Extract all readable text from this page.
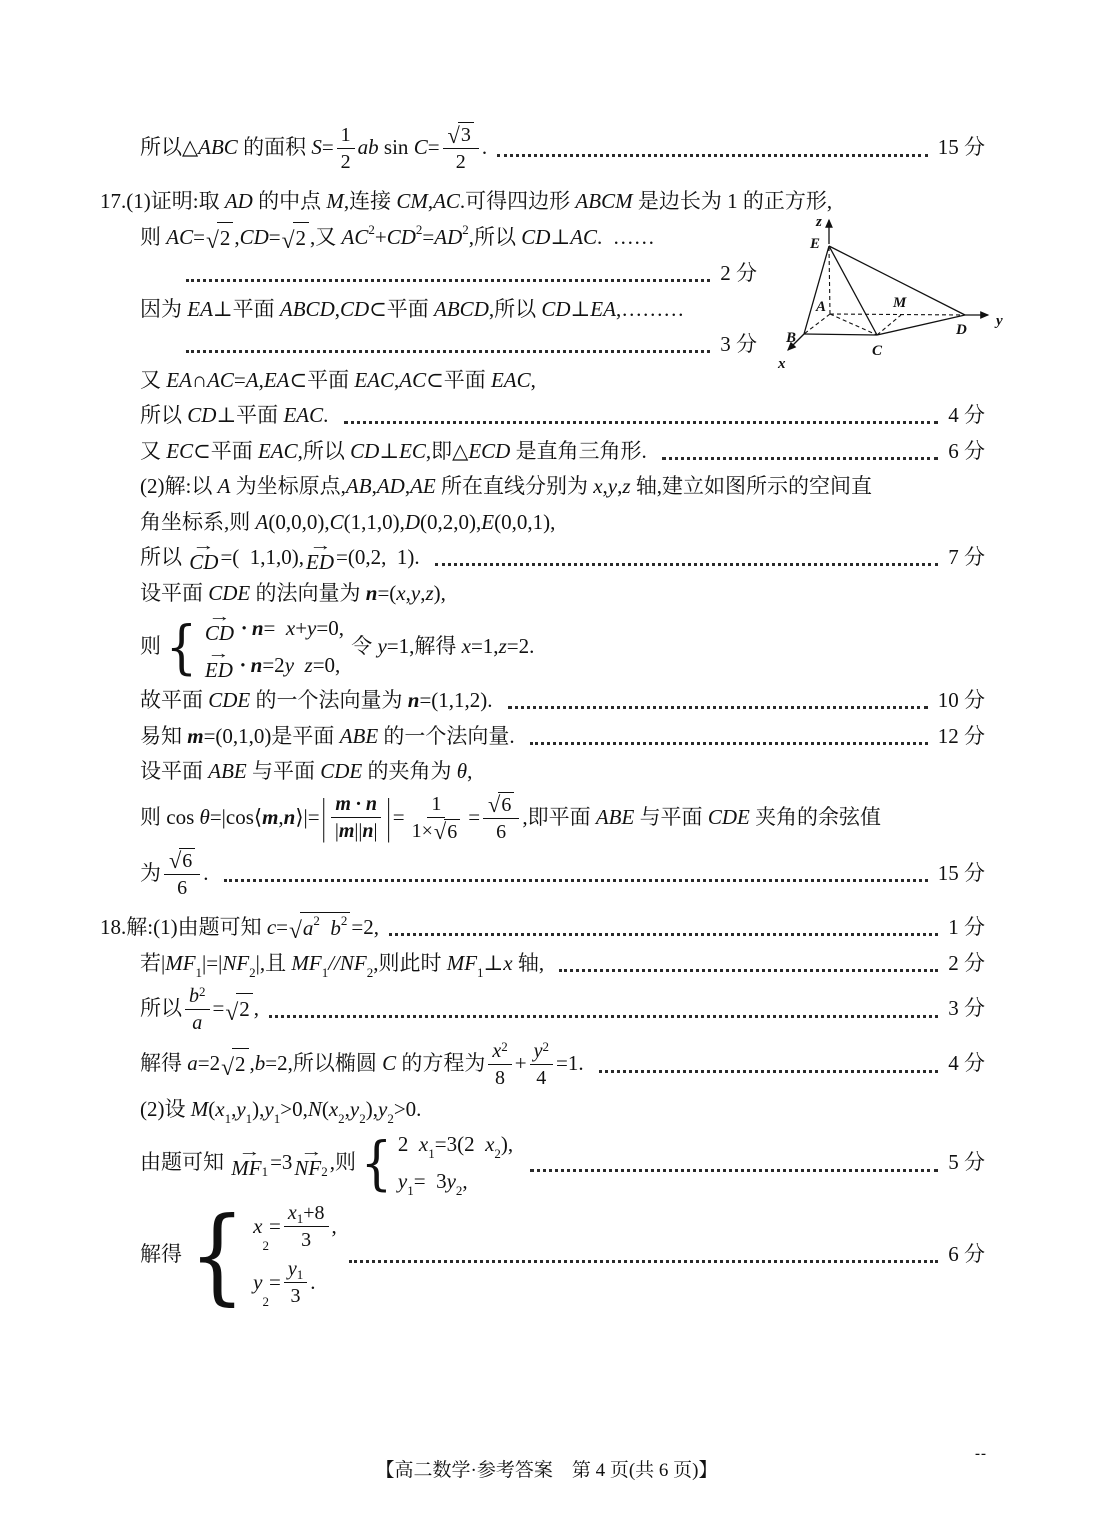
所以△ ABC 的面积 $S = \frac{1}{2}$ ab $\sin C = \frac{√ 3}{2}$ .	15 分
17.(1)证明:取 AD 的中点 M ,连接 CM , AC .可得四边形 ABCM 是边长为 1 的正方形,
则 AC = √ 2 , CD = √ 2 ,又 AC 2 + CD 2 = AD 2 ,所以 CD ⊥ AC .  ……
2 分
因为 EA ⊥平面 ABCD , CD ⊂平面 ABCD ,所以 CD ⊥ EA ,………
3 分
又 EA ∩ AC = A , EA ⊂平面 EAC , AC ⊂平面 EAC ,
所以 CD ⊥平面 EAC .	4 分
又 EC ⊂平面 EAC ,所以 CD ⊥ EC ,即△ ECD 是直角三角形.	6 分
(2)解:以 A 为坐标原点, AB , AD , AE 所在直线分别为 x , y , z 轴,建立如图所示的空间直
角坐标系,则 A (0,0,0), C (1,1,0), D (0,2,0), E (0,0,1),
所以 →
CD =(  1,1,0), →
ED =(0,2,  1).	7 分
设平面 CDE 的法向量为 n =( x , y , z ),
则 { →
CD · n = x + y =0,
→
ED · n =2 y
z =0,
令 y =1,解得 x =1, z =2.
故平面 CDE 的一个法向量为 n =(1,1,2).	10 分
易知 m =(0,1,0)是平面 ABE 的一个法向量.	12 分
设平面 ABE 与平面 CDE 的夹角为 θ ,
则 cos θ =|cos⟨ m , n ⟩|= | $\frac{m \cdot n}{| m || n |}$ | = $\frac{1}{1\times √ 6} = \frac{√ 6}{6}$ ,即平面 ABE 与平面 CDE 夹角的余弦值
为 $\frac{√ 6}{6}$ .	15 分
18.解:(1)由题可知 c = √ a 2
b 2 =2,	1 分
若| MF 1 |=| NF 2 |,且 MF 1 // NF 2 ,则此时 MF 1 ⊥ x 轴,	2 分
所以 $\frac{b 2}{a}$ = √ 2 ,	3 分
解得 a =2 √ 2 , b =2,所以椭圆 C 的方程为 $\frac{x 2}{8} + \frac{y 2}{4} =1$.	4 分
(2)设 M ( x 1 , y 1 ), y 1 >0, N ( x 2 , y 2 ), y 2 >0.
由题可知 →
MF 1 =3 →
NF 2 ,则 { 2 x 1 =3(2 x 2 ),
y 1 =  3 y 2 ,

5 分
解得 { x
2
= $\frac{x 1 +8}{3}$ ,
y
2
= $\frac{y 1}{3}$ .
6 分
z
E
A	M
B
C
D
y
x
【高二数学·参考答案　第 4 页(共 6 页)】
--
